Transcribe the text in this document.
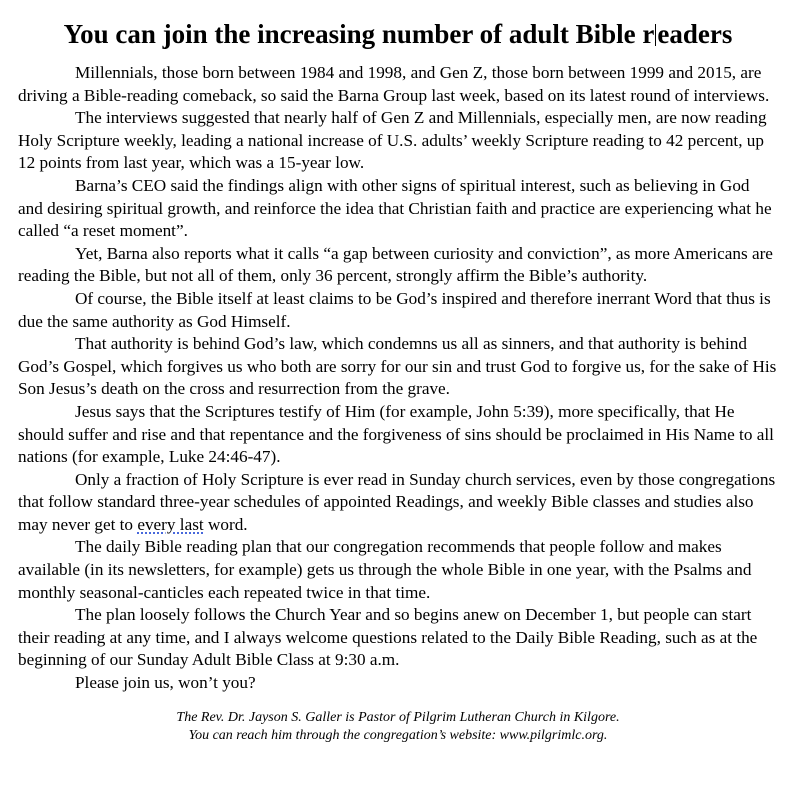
You can join the increasing number of adult Bible r eaders

Millennials, those born between 1984 and 1998, and Gen Z, those born between 1999 and 2015, are driving a Bible-reading comeback, so said the Barna Group last week, based on its latest round of interviews.

The interviews suggested that nearly half of Gen Z and Millennials, especially men, are now reading Holy Scripture weekly, leading a national increase of U.S. adults’ weekly Scripture reading to 42 percent, up 12 points from last year, which was a 15-year low.

Barna’s CEO said the findings align with other signs of spiritual interest, such as believing in God and desiring spiritual growth, and reinforce the idea that Christian faith and practice are experiencing what he called “a reset moment”.

Yet, Barna also reports what it calls “a gap between curiosity and conviction”, as more Americans are reading the Bible, but not all of them, only 36 percent, strongly affirm the Bible’s authority.

Of course, the Bible itself at least claims to be God’s inspired and therefore inerrant Word that thus is due the same authority as God Himself.

That authority is behind God’s law, which condemns us all as sinners, and that authority is behind God’s Gospel, which forgives us who both are sorry for our sin and trust God to forgive us, for the sake of His Son Jesus’s death on the cross and resurrection from the grave.

Jesus says that the Scriptures testify of Him (for example, John 5:39), more specifically, that He should suffer and rise and that repentance and the forgiveness of sins should be proclaimed in His Name to all nations (for example, Luke 24:46-47).

Only a fraction of Holy Scripture is ever read in Sunday church services, even by those congregations that follow standard three-year schedules of appointed Readings, and weekly Bible classes and studies also may never get to every last word.

The daily Bible reading plan that our congregation recommends that people follow and makes available (in its newsletters, for example) gets us through the whole Bible in one year, with the Psalms and monthly seasonal-canticles each repeated twice in that time.

The plan loosely follows the Church Year and so begins anew on December 1, but people can start their reading at any time, and I always welcome questions related to the Daily Bible Reading, such as at the beginning of our Sunday Adult Bible Class at 9:30 a.m.

Please join us, won’t you?

The Rev. Dr. Jayson S. Galler is Pastor of Pilgrim Lutheran Church in Kilgore.
You can reach him through the congregation’s website: www.pilgrimlc.org.
